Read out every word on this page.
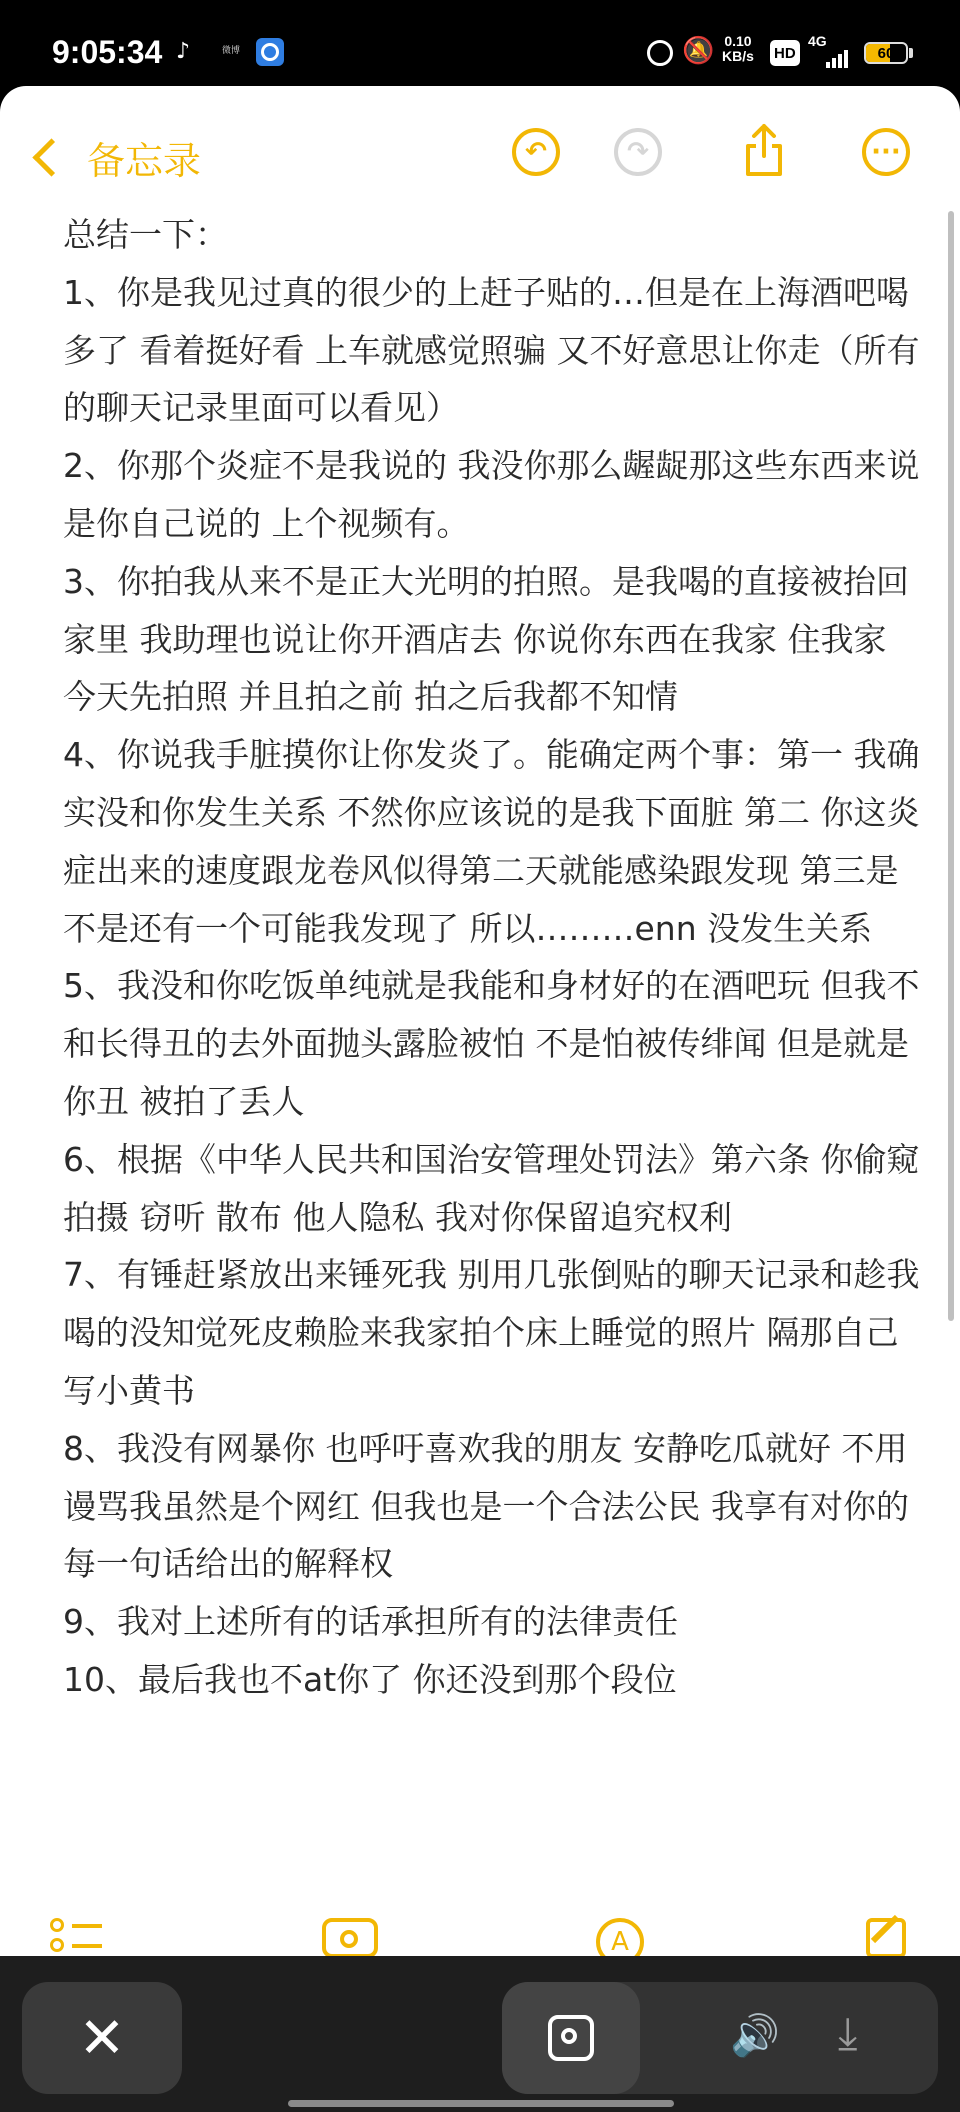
9:05:34 ♪	微博	🔕 0.10
KB/s HD
4G
60
备忘录	↶	↷	···
总结一下：
1、你是我见过真的很少的上赶子贴的…但是在上海酒吧喝多了 看着挺好看 上车就感觉照骗 又不好意思让你走（所有的聊天记录里面可以看见）
2、你那个炎症不是我说的 我没你那么龌龊那这些东西来说 是你自己说的 上个视频有。
3、你拍我从来不是正大光明的拍照。是我喝的直接被抬回家里 我助理也说让你开酒店去 你说你东西在我家 住我家 今天先拍照 并且拍之前 拍之后我都不知情
4、你说我手脏摸你让你发炎了。能确定两个事：第一 我确实没和你发生关系 不然你应该说的是我下面脏 第二 你这炎症出来的速度跟龙卷风似得第二天就能感染跟发现 第三是不是还有一个可能我发现了 所以………enn 没发生关系
5、我没和你吃饭单纯就是我能和身材好的在酒吧玩 但我不和长得丑的去外面抛头露脸被怕 不是怕被传绯闻 但是就是你丑 被拍了丢人
6、根据《中华人民共和国治安管理处罚法》第六条 你偷窥 拍摄 窃听 散布 他人隐私 我对你保留追究权利
7、有锤赶紧放出来锤死我 别用几张倒贴的聊天记录和趁我喝的没知觉死皮赖脸来我家拍个床上睡觉的照片 隔那自己写小黄书
8、我没有网暴你 也呼吁喜欢我的朋友 安静吃瓜就好 不用谩骂我虽然是个网红 但我也是一个合法公民 我享有对你的每一句话给出的解释权
9、我对上述所有的话承担所有的法律责任
10、最后我也不at你了 你还没到那个段位
A
✕	🔊 ⤓
